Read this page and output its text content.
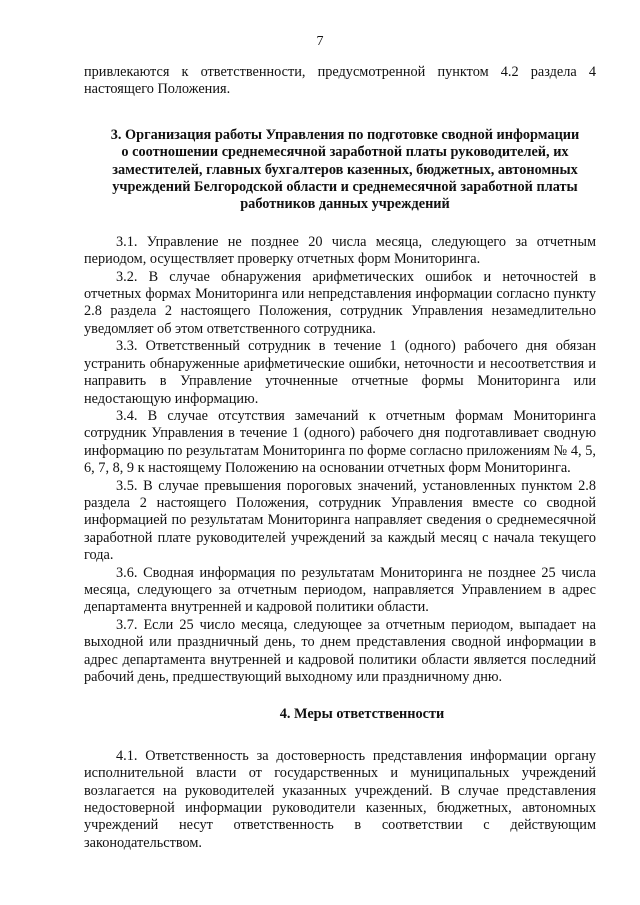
7

привлекаются к ответственности, предусмотренной пунктом 4.2 раздела 4 настоящего Положения.

3. Организация работы Управления по подготовке сводной информации
о соотношении среднемесячной заработной платы руководителей, их
заместителей, главных бухгалтеров казенных, бюджетных, автономных
учреждений Белгородской области и среднемесячной заработной платы
работников данных учреждений

3.1. Управление не позднее 20 числа месяца, следующего за отчетным периодом, осуществляет проверку отчетных форм Мониторинга.

3.2. В случае обнаружения арифметических ошибок и неточностей в отчетных формах Мониторинга или непредставления информации согласно пункту 2.8 раздела 2 настоящего Положения, сотрудник Управления незамедлительно уведомляет об этом ответственного сотрудника.

3.3. Ответственный сотрудник в течение 1 (одного) рабочего дня обязан устранить обнаруженные арифметические ошибки, неточности и несоответствия и направить в Управление уточненные отчетные формы Мониторинга или недостающую информацию.

3.4. В случае отсутствия замечаний к отчетным формам Мониторинга сотрудник Управления в течение 1 (одного) рабочего дня подготавливает сводную информацию по результатам Мониторинга по форме согласно приложениям № 4, 5, 6, 7, 8, 9 к настоящему Положению на основании отчетных форм Мониторинга.

3.5. В случае превышения пороговых значений, установленных пунктом 2.8 раздела 2 настоящего Положения, сотрудник Управления вместе со сводной информацией по результатам Мониторинга направляет сведения о среднемесячной заработной плате руководителей учреждений за каждый месяц с начала текущего года.

3.6. Сводная информация по результатам Мониторинга не позднее 25 числа месяца, следующего за отчетным периодом, направляется Управлением в адрес департамента внутренней и кадровой политики области.

3.7. Если 25 число месяца, следующее за отчетным периодом, выпадает на выходной или праздничный день, то днем представления сводной информации в адрес департамента внутренней и кадровой политики области является последний рабочий день, предшествующий выходному или праздничному дню.

4. Меры ответственности

4.1. Ответственность за достоверность представления информации органу исполнительной власти от государственных и муниципальных учреждений возлагается на руководителей указанных учреждений. В случае представления недостоверной информации руководители казенных, бюджетных, автономных учреждений несут ответственность в соответствии с действующим законодательством.
